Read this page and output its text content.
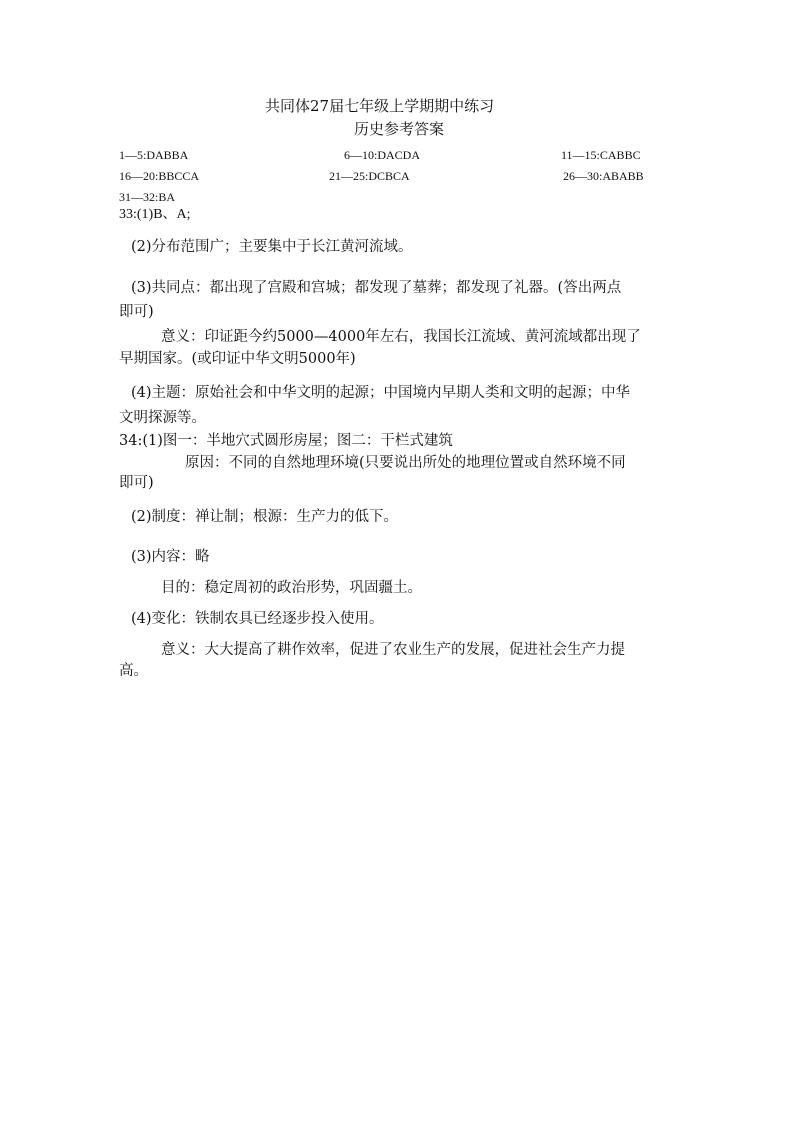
共同体27届七年级上学期期中练习
历史参考答案
1—5:DABBA	6—10:DACDA	11—15:CABBC
16—20:BBCCA	21—25:DCBCA	26—30:ABABB
31—32:BA
33:(1)B、A;
(2)分布范围广；主要集中于长江黄河流域。
(3)共同点：都出现了宫殿和宫城；都发现了墓葬；都发现了礼器。(答出两点
即可)
意义：印证距今约5000—4000年左右，我国长江流域、黄河流域都出现了
早期国家。(或印证中华文明5000年)
(4)主题：原始社会和中华文明的起源；中国境内早期人类和文明的起源；中华
文明探源等。
34:(1)图一：半地穴式圆形房屋；图二：干栏式建筑
原因：不同的自然地理环境(只要说出所处的地理位置或自然环境不同
即可)
(2)制度：禅让制；根源：生产力的低下。
(3)内容：略
目的：稳定周初的政治形势，巩固疆土。
(4)变化：铁制农具已经逐步投入使用。
意义：大大提高了耕作效率，促进了农业生产的发展，促进社会生产力提
高。
